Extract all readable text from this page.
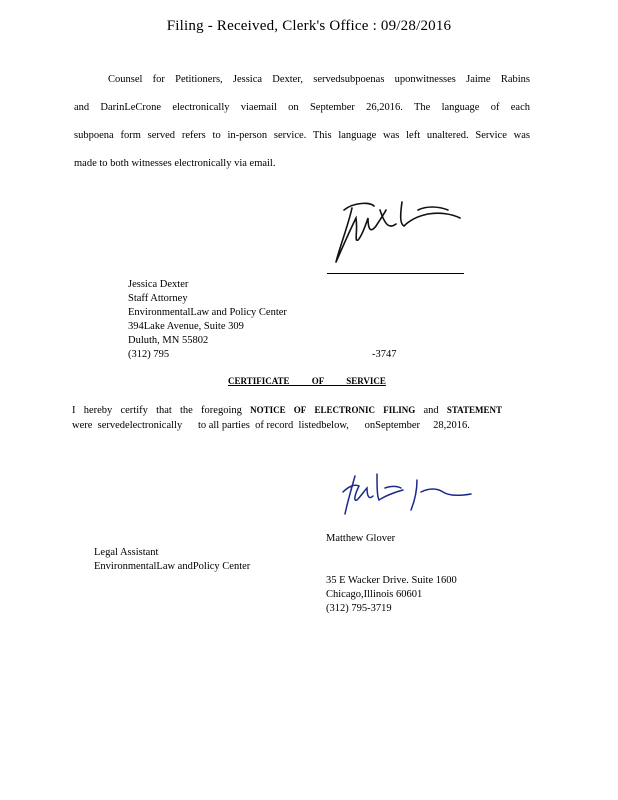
Filing - Received, Clerk's Office : 09/28/2016
Counsel for Petitioners, Jessica Dexter, servedsubpoenas uponwitnesses Jaime Rabins
and DarinLeCrone electronically viaemail on September 26,2016. The language of each
subpoena form served refers to in-person service. This language was left unaltered. Service was
made to both witnesses electronically via email.
Jessica Dexter
Staff Attorney
EnvironmentalLaw and Policy Center
394Lake Avenue, Suite 309
Duluth, MN 55802
(312) 795	-3747
CERTIFICATE OF SERVICE
I hereby certify that the foregoing NOTICE OF ELECTRONIC FILING and STATEMENT
were  servedelectronically      to all parties  of record  listedbelow,      onSeptember     28,2016.
Matthew Glover
Legal Assistant
EnvironmentalLaw andPolicy Center
35 E Wacker Drive. Suite 1600
Chicago,Illinois 60601
(312) 795-3719
